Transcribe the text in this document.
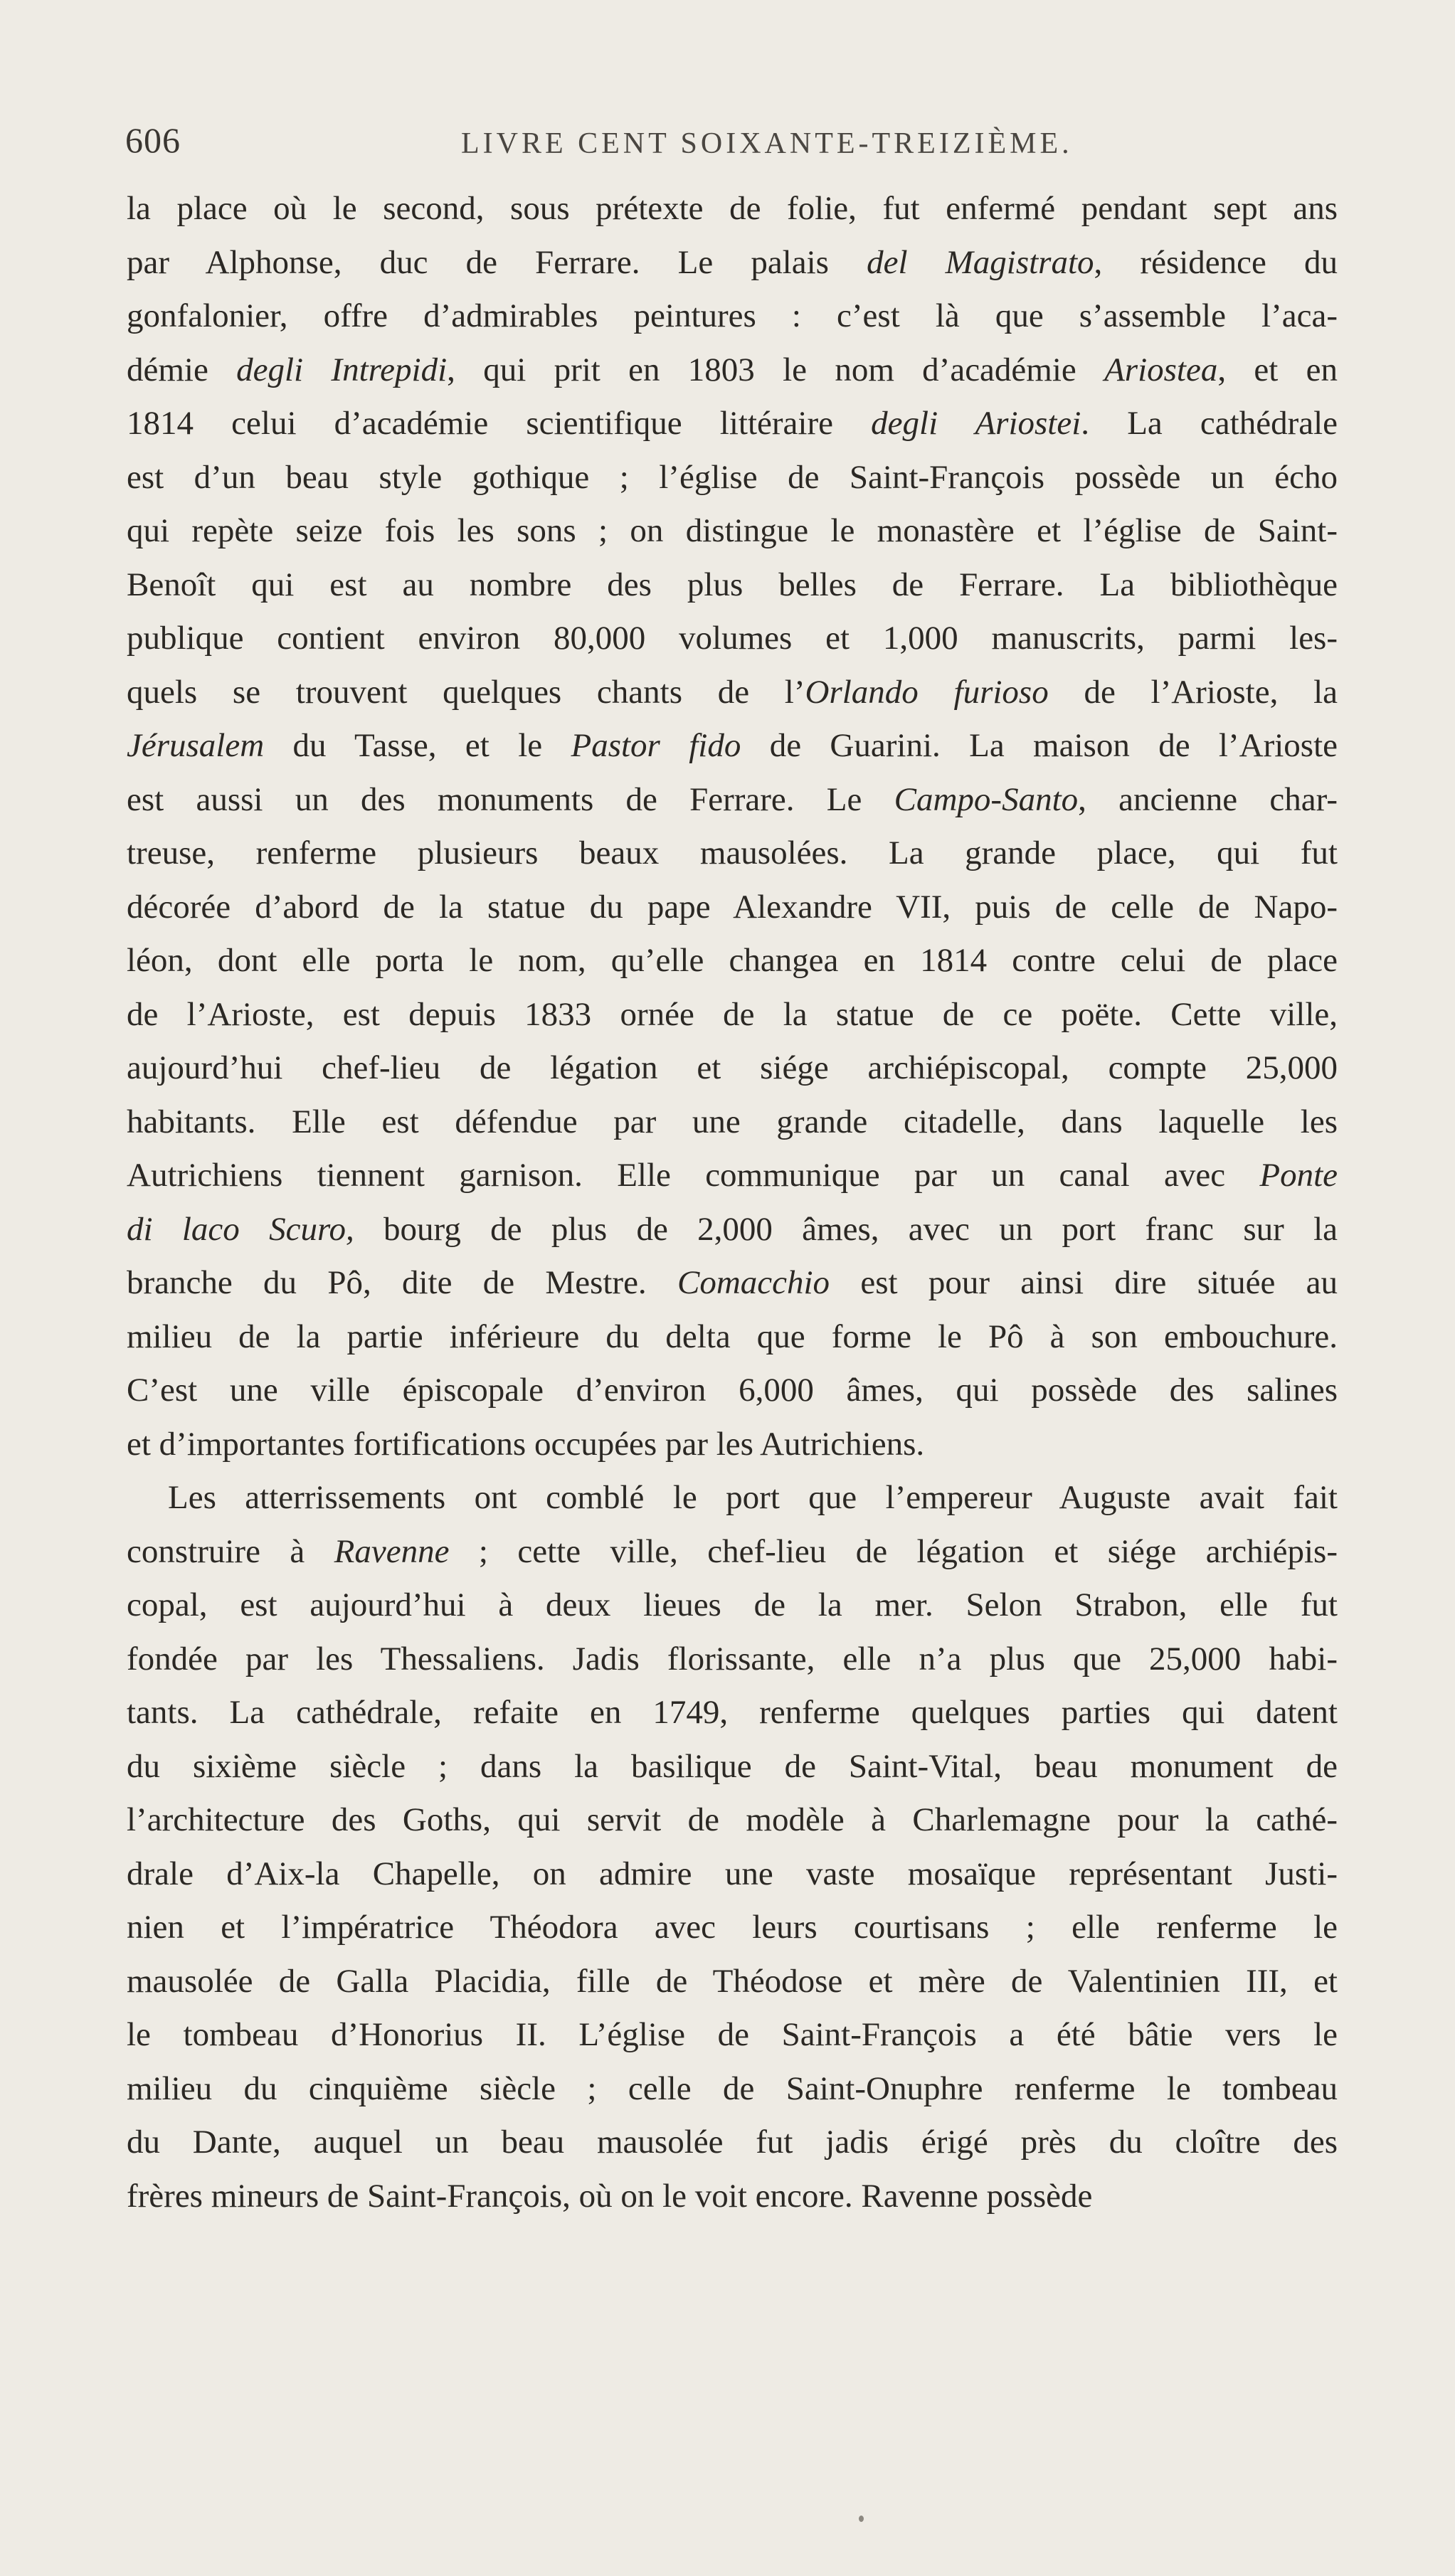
606	LIVRE CENT SOIXANTE-TREIZIÈME.
la place où le second, sous prétexte de folie, fut enfermé pendant sept ans
par Alphonse, duc de Ferrare. Le palais del Magistrato, résidence du
gonfalonier, offre d’admirables peintures : c’est là que s’assemble l’aca-
démie degli Intrepidi, qui prit en 1803 le nom d’académie Ariostea, et en
1814 celui d’académie scientifique littéraire degli Ariostei. La cathédrale
est d’un beau style gothique ; l’église de Saint-François possède un écho
qui repète seize fois les sons ; on distingue le monastère et l’église de Saint-
Benoît qui est au nombre des plus belles de Ferrare. La bibliothèque
publique contient environ 80,000 volumes et 1,000 manuscrits, parmi les-
quels se trouvent quelques chants de l’Orlando furioso de l’Arioste, la
Jérusalem du Tasse, et le Pastor fido de Guarini. La maison de l’Arioste
est aussi un des monuments de Ferrare. Le Campo-Santo, ancienne char-
treuse, renferme plusieurs beaux mausolées. La grande place, qui fut
décorée d’abord de la statue du pape Alexandre VII, puis de celle de Napo-
léon, dont elle porta le nom, qu’elle changea en 1814 contre celui de place
de l’Arioste, est depuis 1833 ornée de la statue de ce poëte. Cette ville,
aujourd’hui chef-lieu de légation et siége archiépiscopal, compte 25,000
habitants. Elle est défendue par une grande citadelle, dans laquelle les
Autrichiens tiennent garnison. Elle communique par un canal avec Ponte
di laco Scuro, bourg de plus de 2,000 âmes, avec un port franc sur la
branche du Pô, dite de Mestre. Comacchio est pour ainsi dire située au
milieu de la partie inférieure du delta que forme le Pô à son embouchure.
C’est une ville épiscopale d’environ 6,000 âmes, qui possède des salines
et d’importantes fortifications occupées par les Autrichiens.
Les atterrissements ont comblé le port que l’empereur Auguste avait fait
construire à Ravenne ; cette ville, chef-lieu de légation et siége archiépis-
copal, est aujourd’hui à deux lieues de la mer. Selon Strabon, elle fut
fondée par les Thessaliens. Jadis florissante, elle n’a plus que 25,000 habi-
tants. La cathédrale, refaite en 1749, renferme quelques parties qui datent
du sixième siècle ; dans la basilique de Saint-Vital, beau monument de
l’architecture des Goths, qui servit de modèle à Charlemagne pour la cathé-
drale d’Aix-la Chapelle, on admire une vaste mosaïque représentant Justi-
nien et l’impératrice Théodora avec leurs courtisans ; elle renferme le
mausolée de Galla Placidia, fille de Théodose et mère de Valentinien III, et
le tombeau d’Honorius II. L’église de Saint-François a été bâtie vers le
milieu du cinquième siècle ; celle de Saint-Onuphre renferme le tombeau
du Dante, auquel un beau mausolée fut jadis érigé près du cloître des
frères mineurs de Saint-François, où on le voit encore. Ravenne possède
